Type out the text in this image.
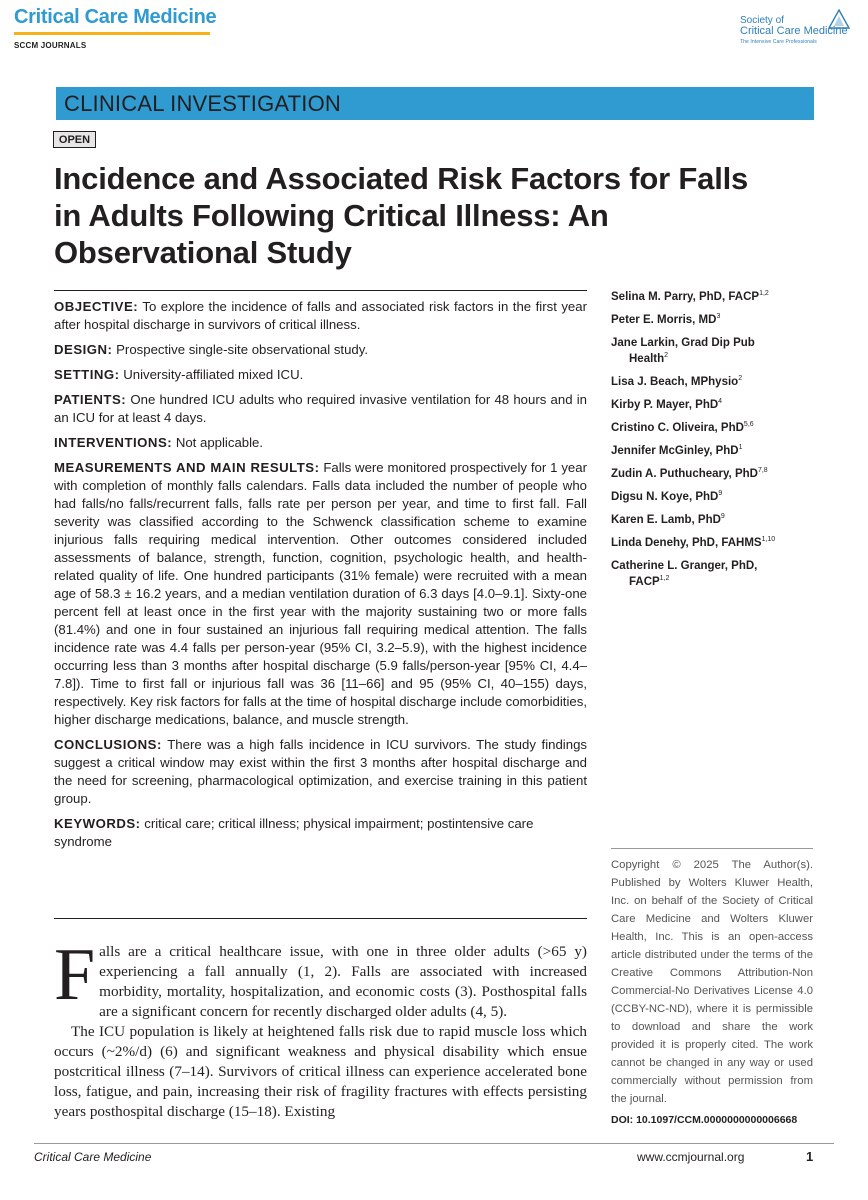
Critical Care Medicine
SCCM JOURNALS
Society of
Critical Care Medicine
The Intensive Care Professionals
CLINICAL INVESTIGATION
OPEN
Incidence and Associated Risk Factors for Falls in Adults Following Critical Illness: An Observational Study

OBJECTIVE: To explore the incidence of falls and associated risk factors in the first year after hospital discharge in survivors of critical illness.

DESIGN: Prospective single-site observational study.

SETTING: University-affiliated mixed ICU.

PATIENTS: One hundred ICU adults who required invasive ventilation for 48 hours and in an ICU for at least 4 days.

INTERVENTIONS: Not applicable.

MEASUREMENTS AND MAIN RESULTS: Falls were monitored prospectively for 1 year with completion of monthly falls calendars. Falls data included the number of people who had falls/no falls/recurrent falls, falls rate per person per year, and time to first fall. Fall severity was classified according to the Schwenck classification scheme to examine injurious falls requiring medical intervention. Other outcomes considered included assessments of balance, strength, function, cognition, psychologic health, and health-related quality of life. One hundred participants (31% female) were recruited with a mean age of 58.3 ± 16.2 years, and a median ventilation duration of 6.3 days [4.0–9.1]. Sixty-one percent fell at least once in the first year with the majority sustaining two or more falls (81.4%) and one in four sustained an injurious fall requiring medical attention. The falls incidence rate was 4.4 falls per person-year (95% CI, 3.2–5.9), with the highest incidence occurring less than 3 months after hospital discharge (5.9 falls/person-year [95% CI, 4.4–7.8]). Time to first fall or injurious fall was 36 [11–66] and 95 (95% CI, 40–155) days, respectively. Key risk factors for falls at the time of hospital discharge include comorbidities, higher discharge medications, balance, and muscle strength.

CONCLUSIONS: There was a high falls incidence in ICU survivors. The study findings suggest a critical window may exist within the first 3 months after hospital discharge and the need for screening, pharmacological optimization, and exercise training in this patient group.

KEYWORDS: critical care; critical illness; physical impairment; postintensive care syndrome

Selina M. Parry, PhD, FACP$^{1,2}$
Peter E. Morris, $MD^3$
Jane Larkin, Grad Dip Pub
Health$^2$
Lisa J. Beach, MPhysio$^2$
Kirby P. Mayer, PhD$^4$
Cristino C. Oliveira, PhD$^{5,6}$
Jennifer McGinley, PhD$^1$
Zudin A. Puthucheary, PhD$^{7,8}$
Digsu N. Koye, PhD$^9$
Karen E. Lamb, PhD$^9$
Linda Denehy, PhD, FAHMS$^{1,10}$
Catherine L. Granger, PhD,
FACP$^{1,2}$
Copyright © 2025 The Author(s). Published by Wolters Kluwer Health, Inc. on behalf of the Society of Critical Care Medicine and Wolters Kluwer Health, Inc. This is an open-access article distributed under the terms of the Creative Commons Attribution-Non Commercial-No Derivatives License 4.0 (CCBY-NC-ND), where it is permissible to download and share the work provided it is properly cited. The work cannot be changed in any way or used commercially without permission from the journal.
DOI: 10.1097/CCM.0000000000006668

Falls are a critical healthcare issue, with one in three older adults (>65 y) experiencing a fall annually (1, 2). Falls are associated with increased morbidity, mortality, hospitalization, and economic costs (3). Posthospital falls are a significant concern for recently discharged older adults (4, 5).

The ICU population is likely at heightened falls risk due to rapid muscle loss which occurs (~2%/d) (6) and significant weakness and physical disability which ensue postcritical illness (7–14). Survivors of critical illness can experience accelerated bone loss, fatigue, and pain, increasing their risk of fragility fractures with effects persisting years posthospital discharge (15–18). Existing

Critical Care Medicine	www.ccmjournal.org	1
